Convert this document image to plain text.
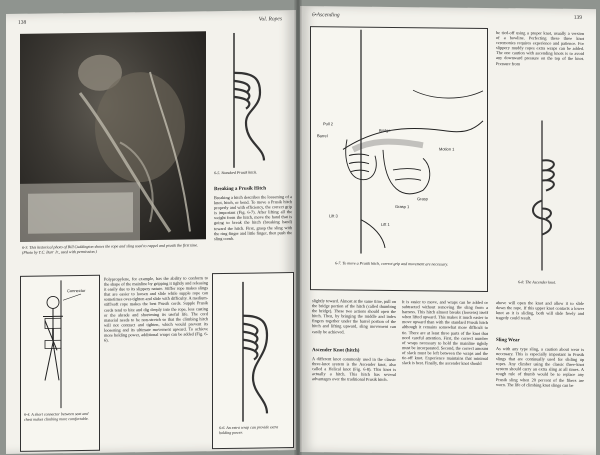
138
Vol. Ropes
6-3. This historical photo of Bill Cuddington shows the rope and sling used to rappel and prusik the first time. (Photo by T.C. Barr Jr., used with permission.)
6-5. Standard Prusik hitch.
Breaking a Prusik Hitch
Breaking a hitch describes the loosening of a knot, hitch, or bend. To move a Prusik hitch properly and with efficiency, the correct grip is important (Fig. 6-7). After lifting all the weight from the hitch, move the hand that is going to break the hitch (breaking hand) toward the hitch. First, grasp the sling with the ring finger and little finger, then push the sling comb.
Connector
6-4. A short connector between seat and chest makes climbing more comfortable.
Polypropylene, for example, has the ability to conform to the shape of the mainline by gripping it tightly and releasing it easily due to its slippery nature. Stiffer rope makes slings that are easier to loosen and slide while supple rope can sometimes over-tighten and slide with difficulty. A medium-stiff/soft rope makes the best Prusik cords. Supple Prusik cords tend to bite and dig deeply into the rope, less casting or the abrade and shortening its useful life. The cord material needs to be non-stretch so that the climbing hitch will not contract and tighten, which would prevent its loosening and its ultimate movement upward. To achieve more holding power, additional wraps can be added (Fig. 6-6).
6-6. An extra wrap can provide extra holding power.
6•Ascending	139
Pull 2
Barrel
Bridge
Motion 1
Grasp
Grasp 1
Lift 1
Lift 3
6-7. To move a Prusik hitch, correct grip and movement are necessary.
be tied-off using a proper knot, usually a version of a bowline. Perfecting these three knot ceremonies requires experience and patience. For slippery muddy ropes extra wraps can be added. The one caution with ascending knots is to avoid any downward pressure on the top of the knot. Pressure from
6-8. The Ascender knot.
slightly toward. Almost at the same time, pull on the bridge portion of the hitch (called thumbing the bridge). These two actions should open the hitch. Then, by bringing the middle and index fingers together under the barrel portion of the hitch and lifting upward, sling movement can easily be achieved.
Ascender Knot (hitch)
A different knot commonly used in the classic three-knot system is the Ascender knot, also called a Helical knot (Fig. 6-8). This knot is actually a hitch. This hitch has several advantages over the traditional Prusik hitch.
It is easier to move, and wraps can be added or subtracted without removing the sling from a harness. This hitch almost breaks (loosens) itself when lifted upward. This makes it much easier to move upward than with the standard Prusik hitch although it remains somewhat more difficult to tie. There are at least three parts of the knot that need careful attention. First, the correct number of wraps necessary to hold the mainline tightly must be incorporated. Second, the correct amount of slack must be left between the wraps and the tie-off knot. Experience maintains that minimal slack is best. Finally, the ascender knot should
above will open the knot and allow it to slide down the rope. If this upper knot contacts a lower knot as it is sliding, both will slide freely and tragedy could result.
Sling Wear
As with any type sling, a caution about wear is necessary. This is especially important in Prusik slings that are continually used for sliding up ropes. Any climber using the classic three-knot system should carry an extra sling at all times. A rough rule of thumb would be to replace any Prusik sling when 20 percent of the fibers are worn. The life of climbing knot slings can be
